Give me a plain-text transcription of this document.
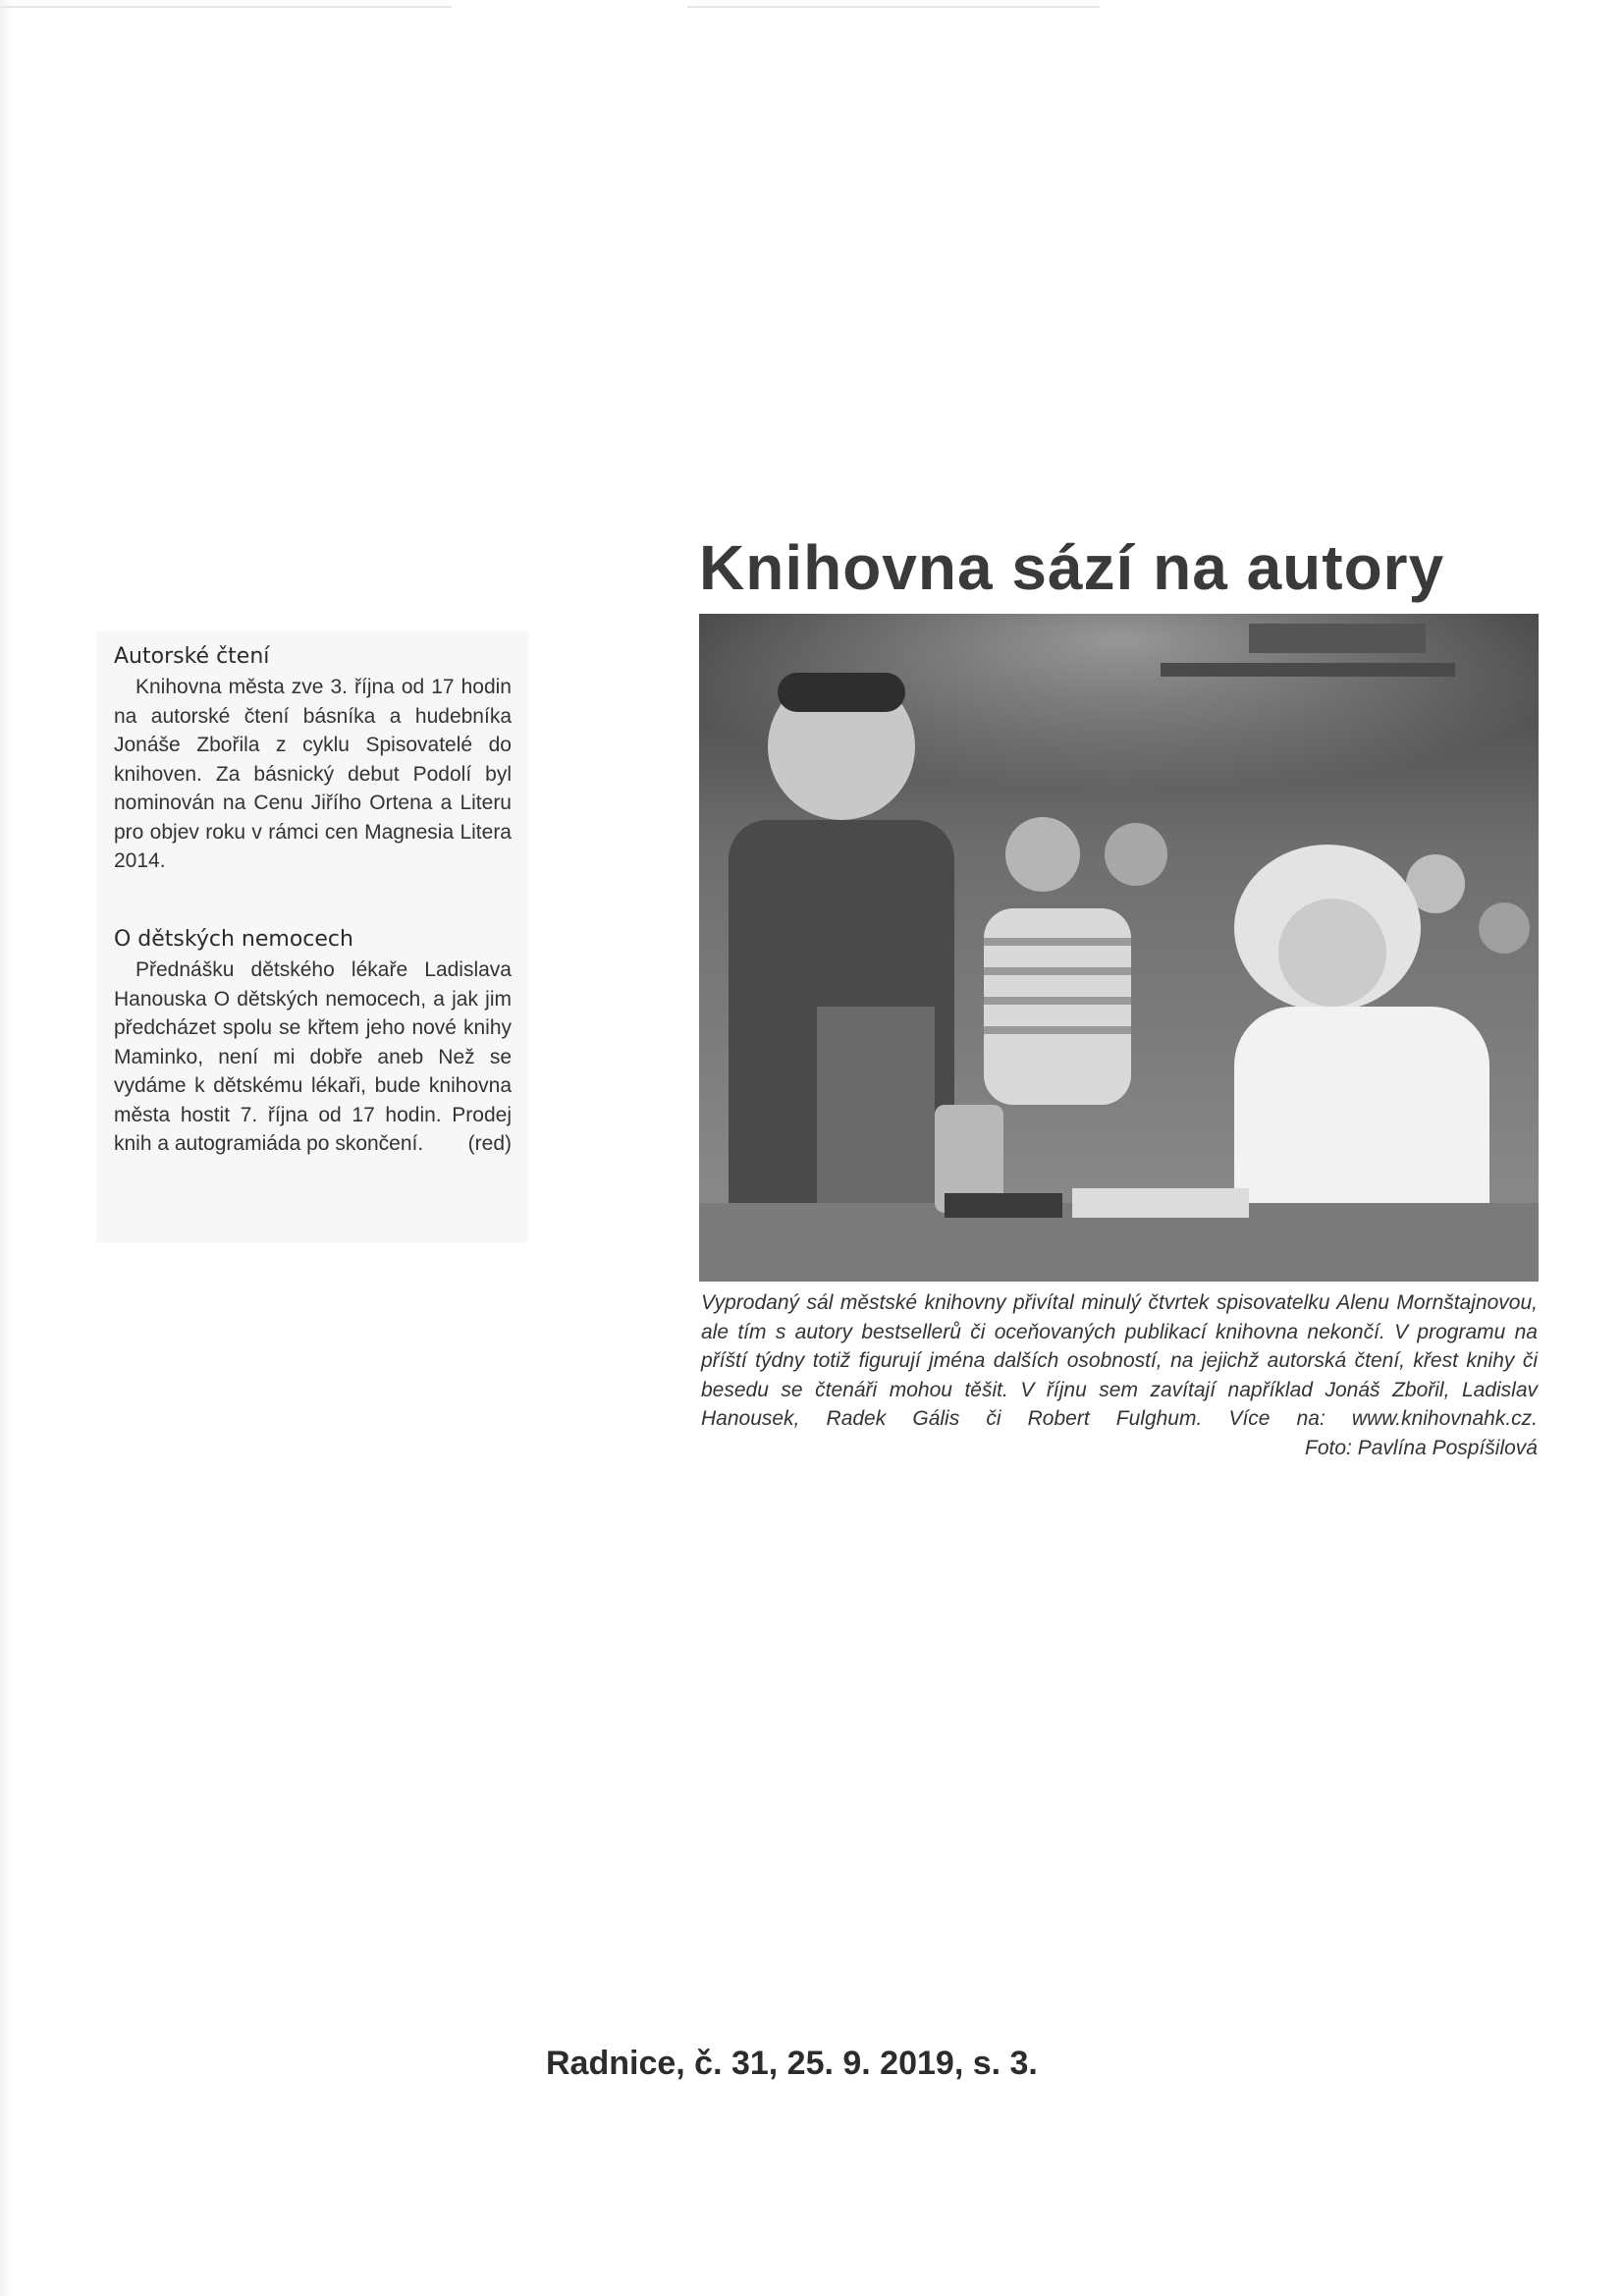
Autorské čtení

Knihovna města zve 3. října od 17 hodin na autorské čtení básníka a hudebníka Jonáše Zbořila z cyklu Spisovatelé do knihoven. Za básnický debut Podolí byl nominován na Cenu Jiřího Ortena a Literu pro objev roku v rámci cen Magnesia Litera 2014.

O dětských nemocech

Přednášku dětského lékaře Ladislava Hanouska O dětských nemocech, a jak jim předcházet spolu se křtem jeho nové knihy Maminko, není mi dobře aneb Než se vydáme k dětskému lékaři, bude knihovna města hostit 7. října od 17 hodin. Prodej knih a autogramiáda po skončení.	(red)

Knihovna sází na autory

Vyprodaný sál městské knihovny přivítal minulý čtvrtek spisovatelku Alenu Mornštajnovou, ale tím s autory bestsellerů či oceňovaných publikací knihovna nekončí. V programu na příští týdny totiž figurují jména dalších osobností, na jejichž autorská čtení, křest knihy či besedu se čtenáři mohou těšit. V říjnu sem zavítají například Jonáš Zbořil, Ladislav Hanousek, Radek Gális či Robert Fulghum. Více na: www.knihovnahk.cz.
Foto: Pavlína Pospíšilová

Radnice, č. 31, 25. 9. 2019, s. 3.
